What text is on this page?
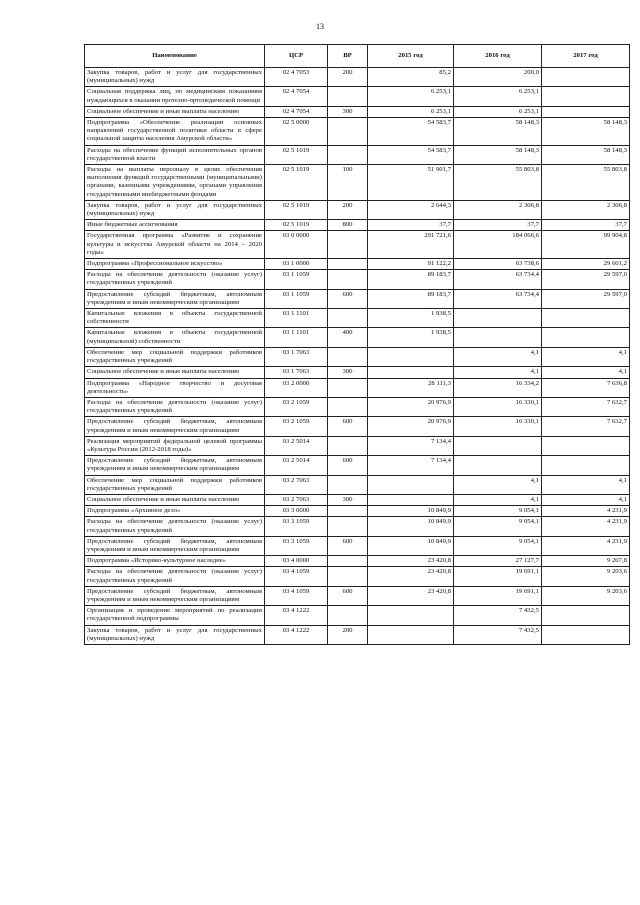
13
Наименование	ЦСР	ВР	2015 год	2016 год	2017 год
Закупка товаров, работ и услуг для государственных (муниципальных) нужд	02 4 7053	200	85,2	200,0	
Социальная поддержка лиц, по медицинским показаниям нуждающихся в оказании протезно-ортопедической помощи	02 4 7054		6 253,1	6 253,1	
Социальное обеспечение и иные выплаты населению	02 4 7054	300	6 253,1	6 253,1	
Подпрограмма «Обеспечение реализации основных направлений государственной политики области в сфере социальной защиты населения Амурской области»	02 5 0000		54 583,7	58 148,3	58 148,3
Расходы на обеспечение функций исполнительных органов государственной власти	02 5 1019		54 583,7	58 148,3	58 148,3
Расходы на выплаты персоналу в целях обеспечения выполнения функций государственными (муниципальными) органами, казенными учреждениями, органами управления государственными внебюджетными фондами	02 5 1019	100	51 901,7	55 803,8	55 803,8
Закупка товаров, работ и услуг для государственных (муниципальных) нужд	02 5 1019	200	2 644,3	2 306,8	2 306,8
Иные бюджетные ассигнования	02 5 1019	800	37,7	37,7	37,7
Государственная программа «Развитие и сохранение культуры и искусства Амурской области на 2014 – 2020 годы»	03 0 0000		291 721,6	184 066,6	99 904,8
Подпрограмма «Профессиональное искусство»	03 1 0000		91 122,2	63 738,6	29 601,2
Расходы на обеспечение деятельности (оказание услуг) государственных учреждений	03 1 1059		89 183,7	63 734,4	29 597,0
Предоставление субсидий бюджетным, автономным учреждениям и иным некоммерческим организациям	03 1 1059	600	89 183,7	63 734,4	29 597,0
Капитальные вложения в объекты государственной собственности	03 1 1101		1 938,5		
Капитальные вложения в объекты государственной (муниципальной) собственности	03 1 1101	400	1 938,5		
Обеспечение мер социальной поддержки работников государственных учреждений	03 1 7063			4,1	4,1
Социальное обеспечение и иные выплаты населению	03 1 7063	300		4,1	4,1
Подпрограмма «Народное творчество и досуговая деятельность»	03 2 0000		28 111,3	16 334,2	7 636,8
Расходы на обеспечение деятельности (оказание услуг) государственных учреждений	03 2 1059		20 976,9	16 330,1	7 632,7
Предоставление субсидий бюджетным, автономным учреждениям и иным некоммерческим организациям	03 2 1059	600	20 976,9	16 330,1	7 632,7
Реализация мероприятий федеральной целевой программы «Культура России (2012-2018 годы)»	03 2 5014		7 134,4		
Предоставление субсидий бюджетным, автономным учреждениям и иным некоммерческим организациям	03 2 5014	600	7 134,4		
Обеспечение мер социальной поддержки работников государственных учреждений	03 2 7063			4,1	4,1
Социальное обеспечение и иные выплаты населению	03 2 7063	300		4,1	4,1
Подпрограмма «Архивное дело»	03 3 0000		10 849,9	9 054,1	4 231,9
Расходы на обеспечение деятельности (оказание услуг) государственных учреждений	03 3 1059		10 849,9	9 054,1	4 231,9
Предоставление субсидий бюджетным, автономным учреждениям и иным некоммерческим организациям	03 3 1059	600	10 849,9	9 054,1	4 231,9
Подпрограмма «Историко-культурное наследие»	03 4 0000		23 420,8	27 127,7	9 207,8
Расходы на обеспечение деятельности (оказание услуг) государственных учреждений	03 4 1059		23 420,8	19 691,1	9 203,6
Предоставление субсидий бюджетным, автономным учреждениям и иным некоммерческим организациям	03 4 1059	600	23 420,8	19 691,1	9 203,6
Организация и проведение мероприятий по реализации государственной подпрограммы	03 4 1222			7 432,5	
Закупка товаров, работ и услуг для государственных (муниципальных) нужд	03 4 1222	200		7 432,5	
